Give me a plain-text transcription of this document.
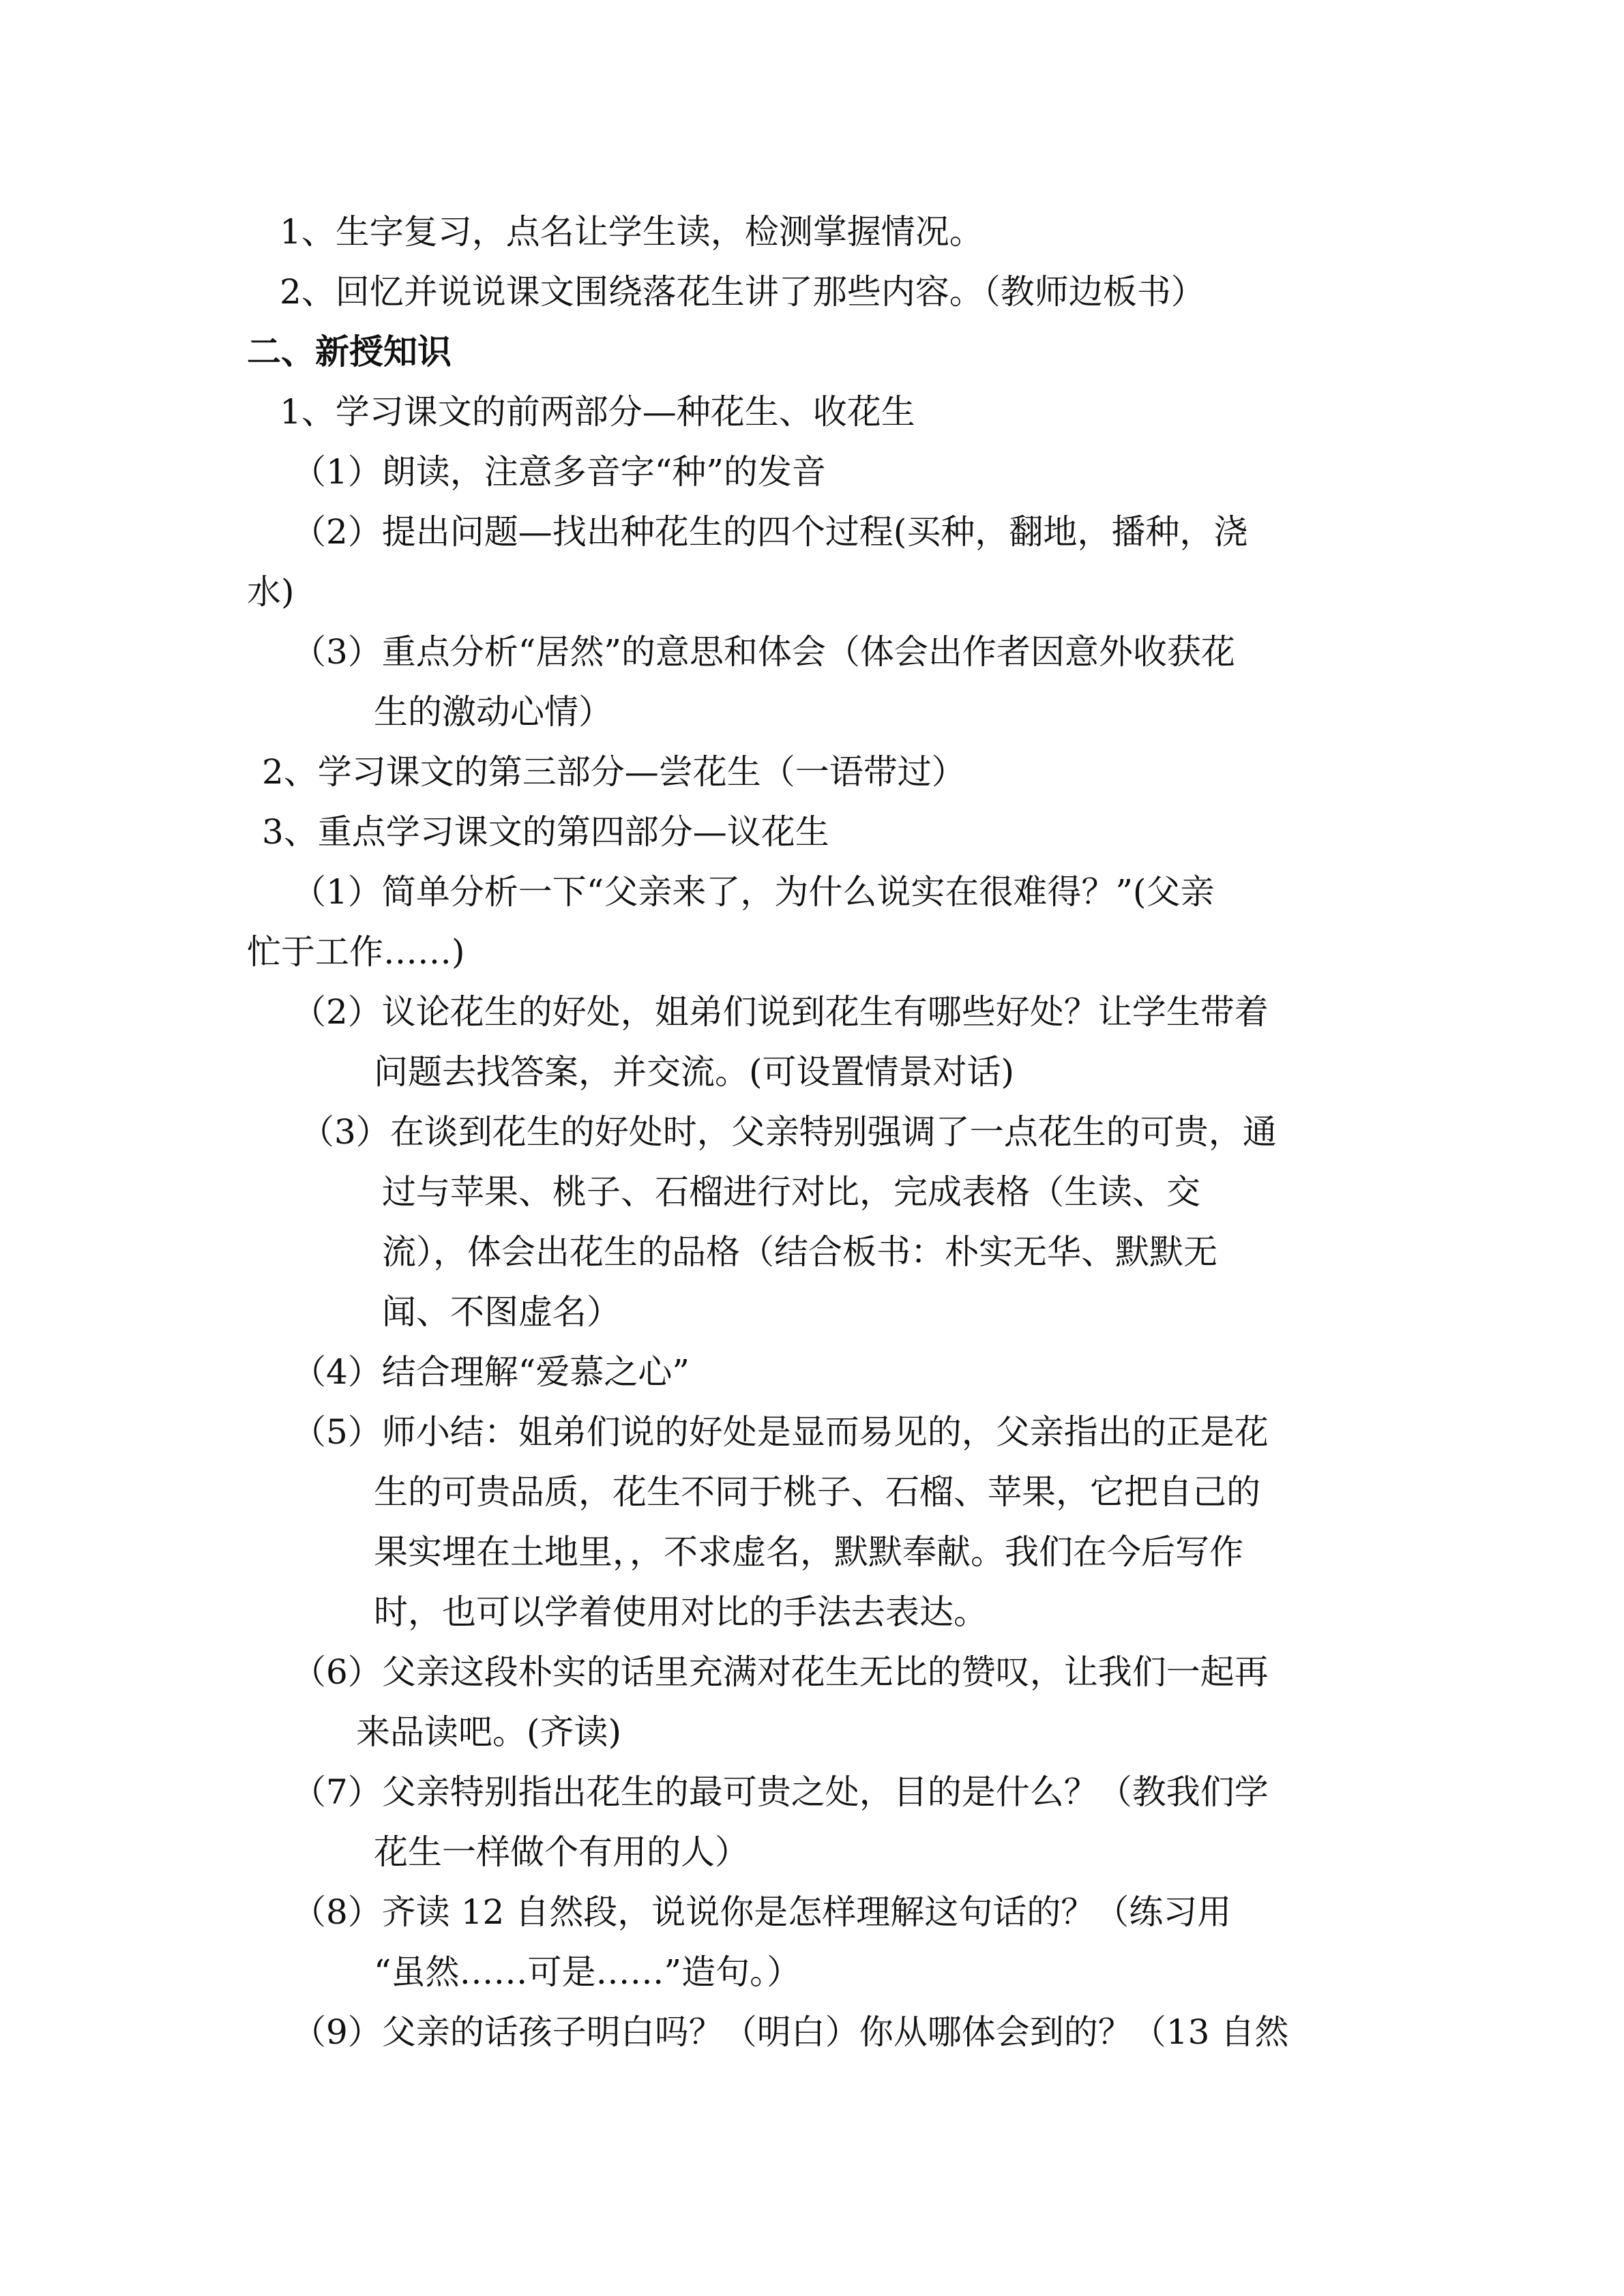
1、生字复习，点名让学生读，检测掌握情况。
2、回忆并说说课文围绕落花生讲了那些内容。（教师边板书）
二、新授知识
1、学习课文的前两部分—种花生、收花生
（1）朗读，注意多音字“种”的发音
（2）提出问题—找出种花生的四个过程(买种，翻地，播种，浇
水)
（3）重点分析“居然”的意思和体会（体会出作者因意外收获花
生的激动心情）
2、学习课文的第三部分—尝花生（一语带过）
3、重点学习课文的第四部分—议花生
（1）简单分析一下“父亲来了，为什么说实在很难得？”(父亲
忙于工作……)
（2）议论花生的好处，姐弟们说到花生有哪些好处？让学生带着
问题去找答案，并交流。(可设置情景对话)
（3）在谈到花生的好处时，父亲特别强调了一点花生的可贵，通
过与苹果、桃子、石榴进行对比，完成表格（生读、交
流），体会出花生的品格（结合板书：朴实无华、默默无
闻、不图虚名）
（4）结合理解“爱慕之心”
（5）师小结：姐弟们说的好处是显而易见的，父亲指出的正是花
生的可贵品质，花生不同于桃子、石榴、苹果，它把自己的
果实埋在土地里，，不求虚名，默默奉献。我们在今后写作
时，也可以学着使用对比的手法去表达。
（6）父亲这段朴实的话里充满对花生无比的赞叹，让我们一起再
来品读吧。(齐读)
（7）父亲特别指出花生的最可贵之处，目的是什么？（教我们学
花生一样做个有用的人）
（8）齐读 12 自然段，说说你是怎样理解这句话的？（练习用
“虽然……可是……”造句。）
（9）父亲的话孩子明白吗？（明白）你从哪体会到的？（13 自然
